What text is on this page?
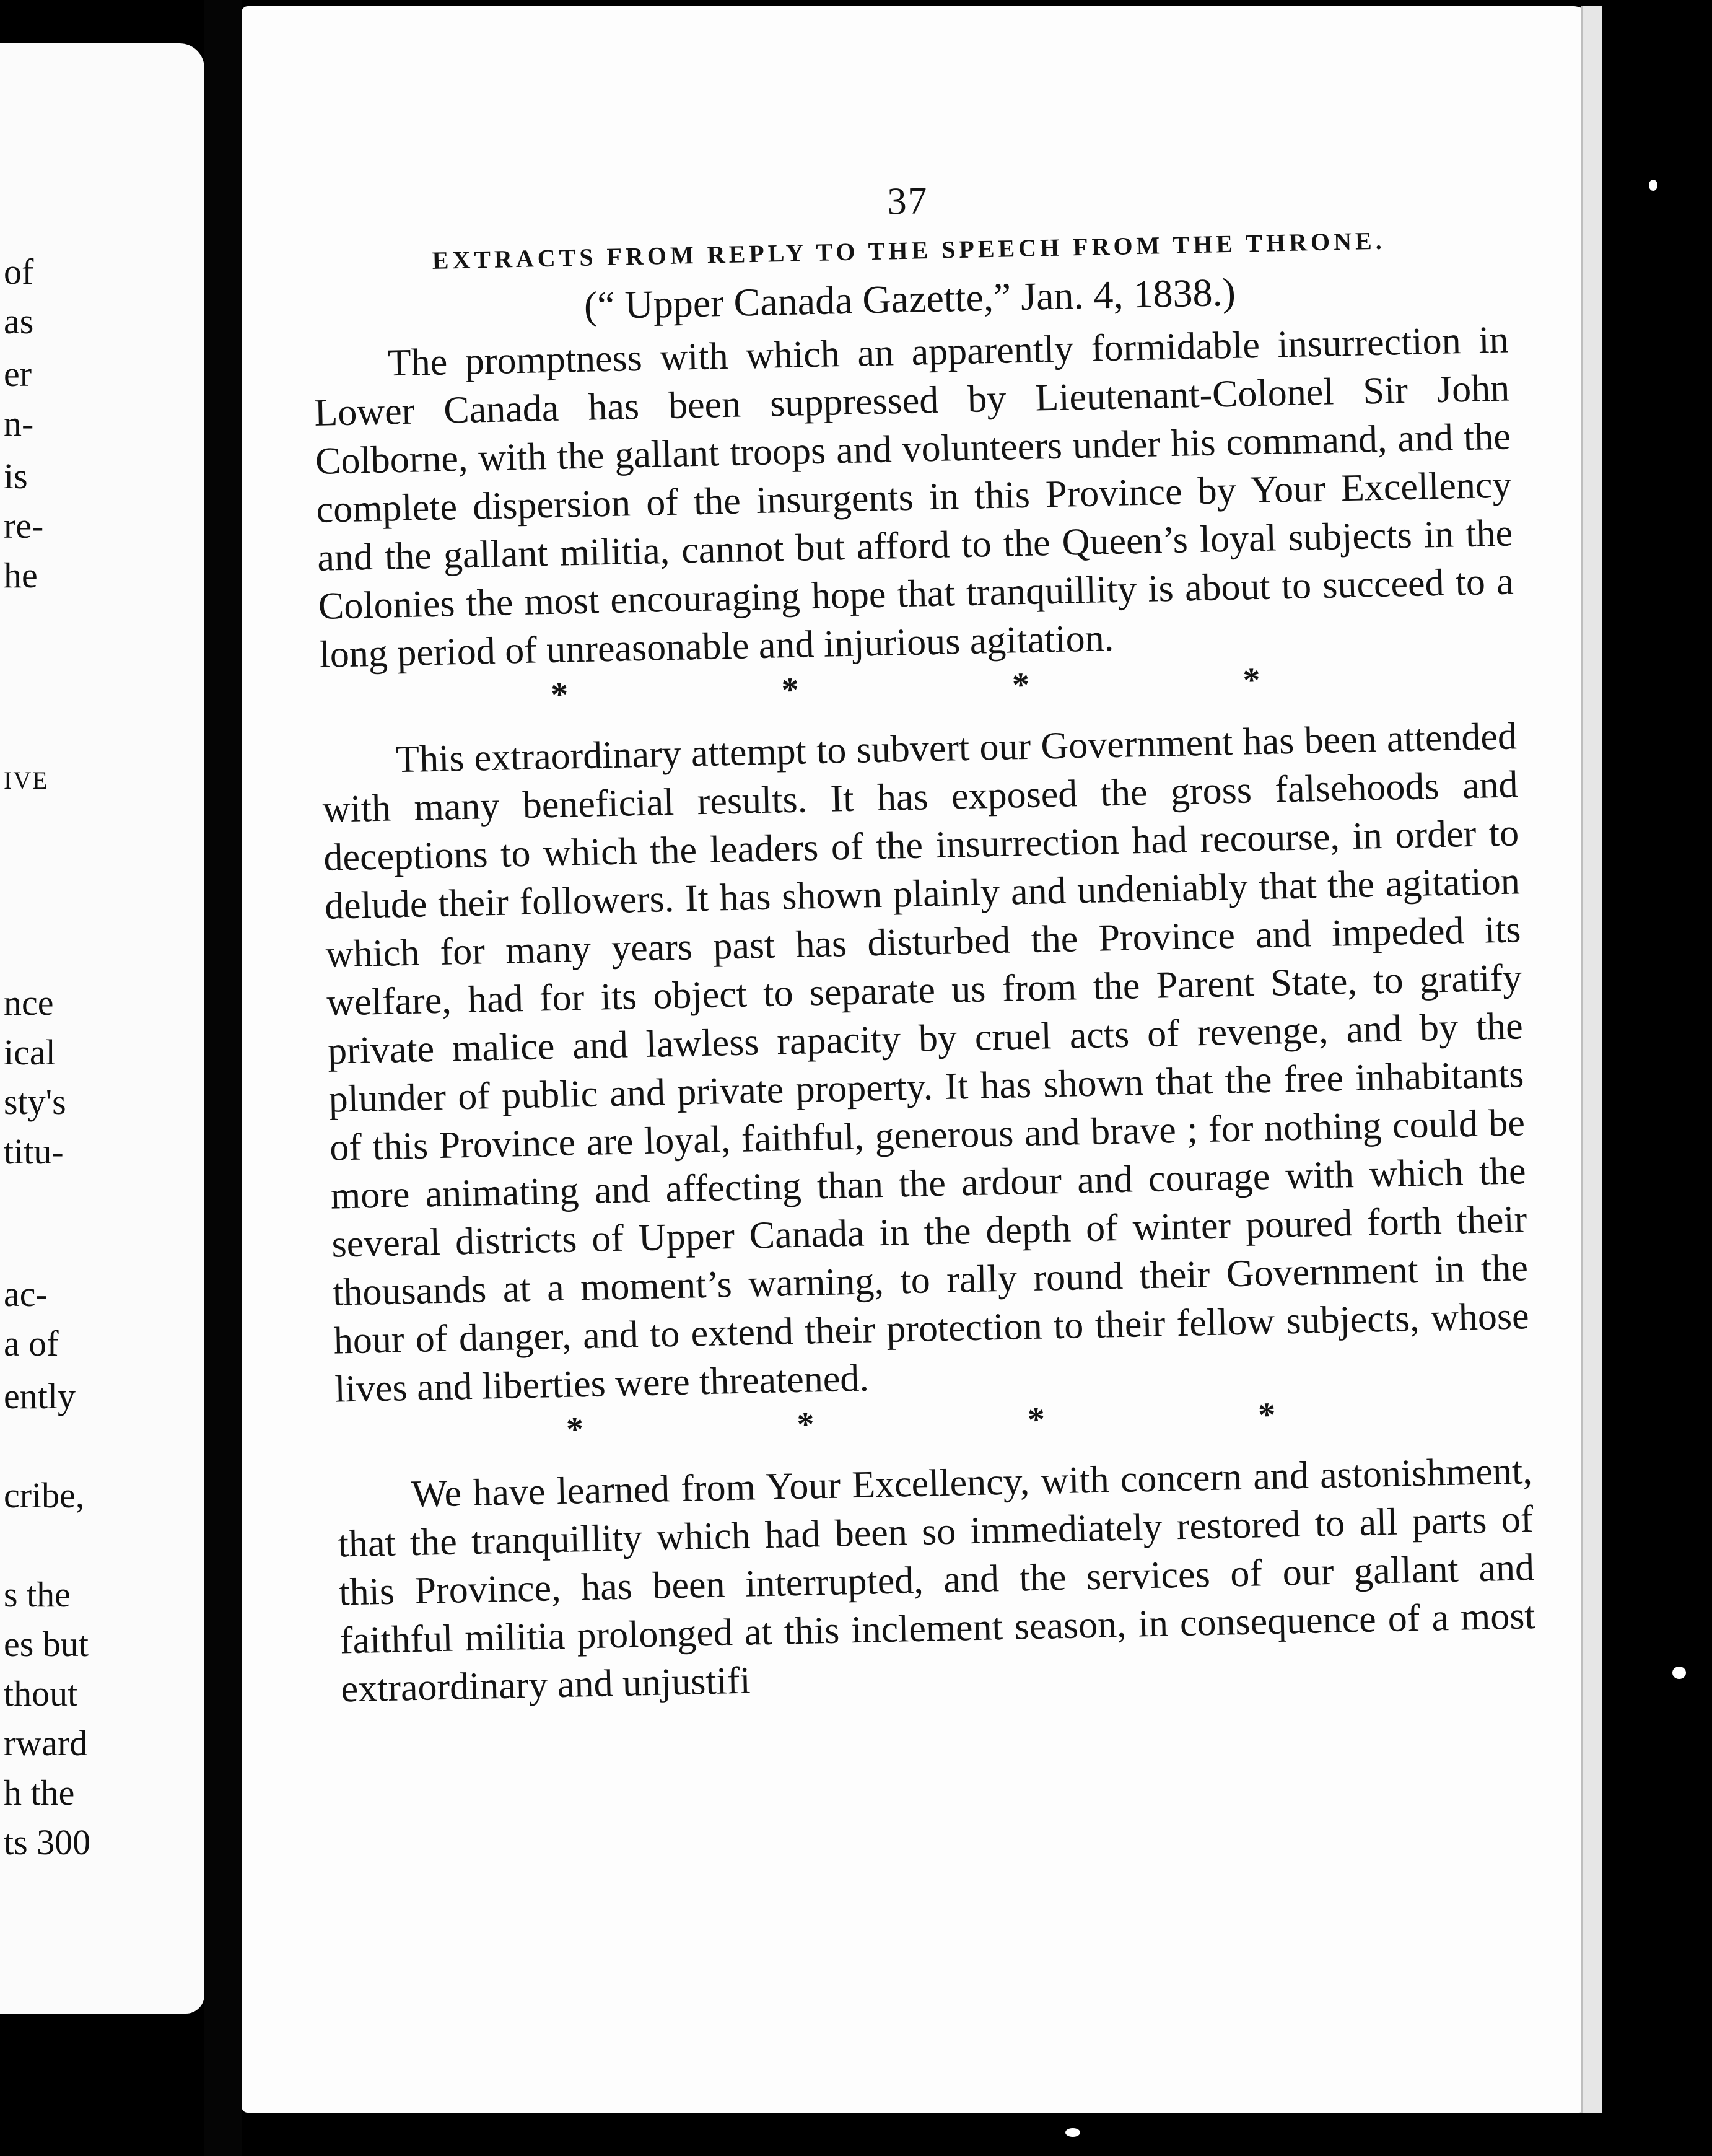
of
as
er
n-
is
re-
he
IVE
nce
ical
sty's
titu-
ac-
a of
ently
cribe,
s the
es but
thout
rward
h the
ts 300
37
EXTRACTS FROM REPLY TO THE SPEECH FROM THE THRONE.
(“ Upper Canada Gazette,” Jan. 4, 1838.)

The promptness with which an apparently formidable insurrection in Lower Canada has been suppressed by Lieutenant-Colonel Sir John Colborne, with the gallant troops and volunteers under his command, and the complete dispersion of the insurgents in this Province by Your Excellency and the gallant militia, cannot but afford to the Queen’s loyal subjects in the Colonies the most encouraging hope that tranquillity is about to succeed to a long period of unreasonable and injurious agitation.

*	*	*	*

This extraordinary attempt to subvert our Government has been attended with many beneficial results. It has exposed the gross falsehoods and deceptions to which the leaders of the insurrection had recourse, in order to delude their followers. It has shown plainly and undeniably that the agitation which for many years past has disturbed the Province and impeded its welfare, had for its object to separate us from the Parent State, to gratify private malice and lawless rapacity by cruel acts of revenge, and by the plunder of public and private property. It has shown that the free inhabitants of this Province are loyal, faithful, generous and brave ; for nothing could be more animating and affecting than the ardour and courage with which the several districts of Upper Canada in the depth of winter poured forth their thousands at a moment’s warning, to rally round their Government in the hour of danger, and to extend their protection to their fellow subjects, whose lives and liberties were threatened.

*	*	*	*

We have learned from Your Excellency, with concern and astonishment, that the tranquillity which had been so immediately restored to all parts of this Province, has been interrupted, and the services of our gallant and faithful militia prolonged at this inclement season, in consequence of a most extraordinary and unjustifi
